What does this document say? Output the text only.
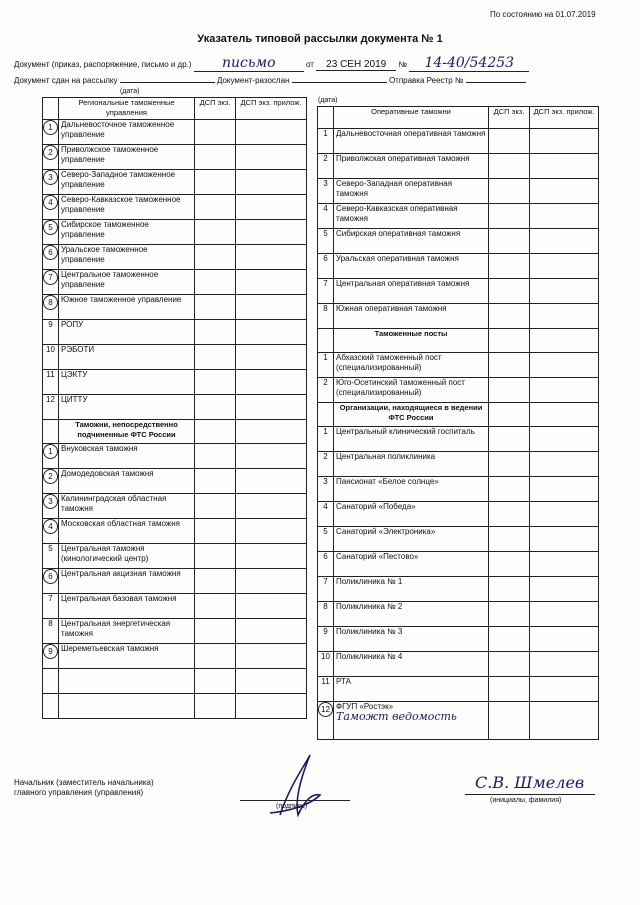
По состоянию на 01.07.2019
Указатель типовой рассылки документа № 1
Документ (приказ, распоряжение, письмо и др.) письмо	от 23 СЕН 2019 № 14-40/54253
Документ сдан на рассылку	Документ-разослан	Отправка Реестр №
(дата)
(дата)
	Региональные таможенные управления	ДСП экз.	ДСП экз. прилож.
1	Дальневосточное таможенное управление		

2	Приволжское таможенное управление		

3	Северо-Западное таможенное управление		

4	Северо-Кавказское таможенное управление		

5	Сибирское таможенное управление		

6	Уральское таможенное управление		

7	Центральное таможенное управление		

8	Южное таможенное управление		

9	РОПУ		

10	РЭБОТИ		

11	ЦЭКТУ		

12	ЦИТТУ		

	Таможни, непосредственно подчиненные ФТС России		

1	Внуковская таможня		

2	Домодедовская таможня		

3	Калининградская областная таможня		

4	Московская областная таможня		

5	Центральная таможня (кинологический центр)		

6	Центральная акцизная таможня		

7	Центральная базовая таможня		

8	Центральная энергетическая таможня		

9	Шереметьевская таможня		

	Оперативные таможни	ДСП экз.	ДСП экз. прилож.
1	Дальневосточная оперативная таможня		

2	Приволжская оперативная таможня		

3	Северо-Западная оперативная таможня		

4	Северо-Кавказская оперативная таможня		

5	Сибирская оперативная таможня		

6	Уральская оперативная таможня		

7	Центральная оперативная таможня		

8	Южная оперативная таможня		

	Таможенные посты		

1	Абхазский таможенный пост (специализированный)		

2	Юго-Осетинский таможенный пост (специализированный)		

	Организации, находящиеся в ведении ФТС России		

1	Центральный клинический госпиталь		

2	Центральная поликлиника		

3	Пансионат «Белое солнце»		

4	Санаторий «Победа»		

5	Санаторий «Электроника»		

6	Санаторий «Пестово»		

7	Поликлиника № 1		

8	Поликлиника № 2		

9	Поликлиника № 3		

10	Поликлиника № 4		

11	РТА		

12	ФГУП «Ростэк»
Таможт ведомость		

Начальник (заместитель начальника) главного управления (управления)
(подпись)
С.В. Шмелев
(инициалы, фамилия)
